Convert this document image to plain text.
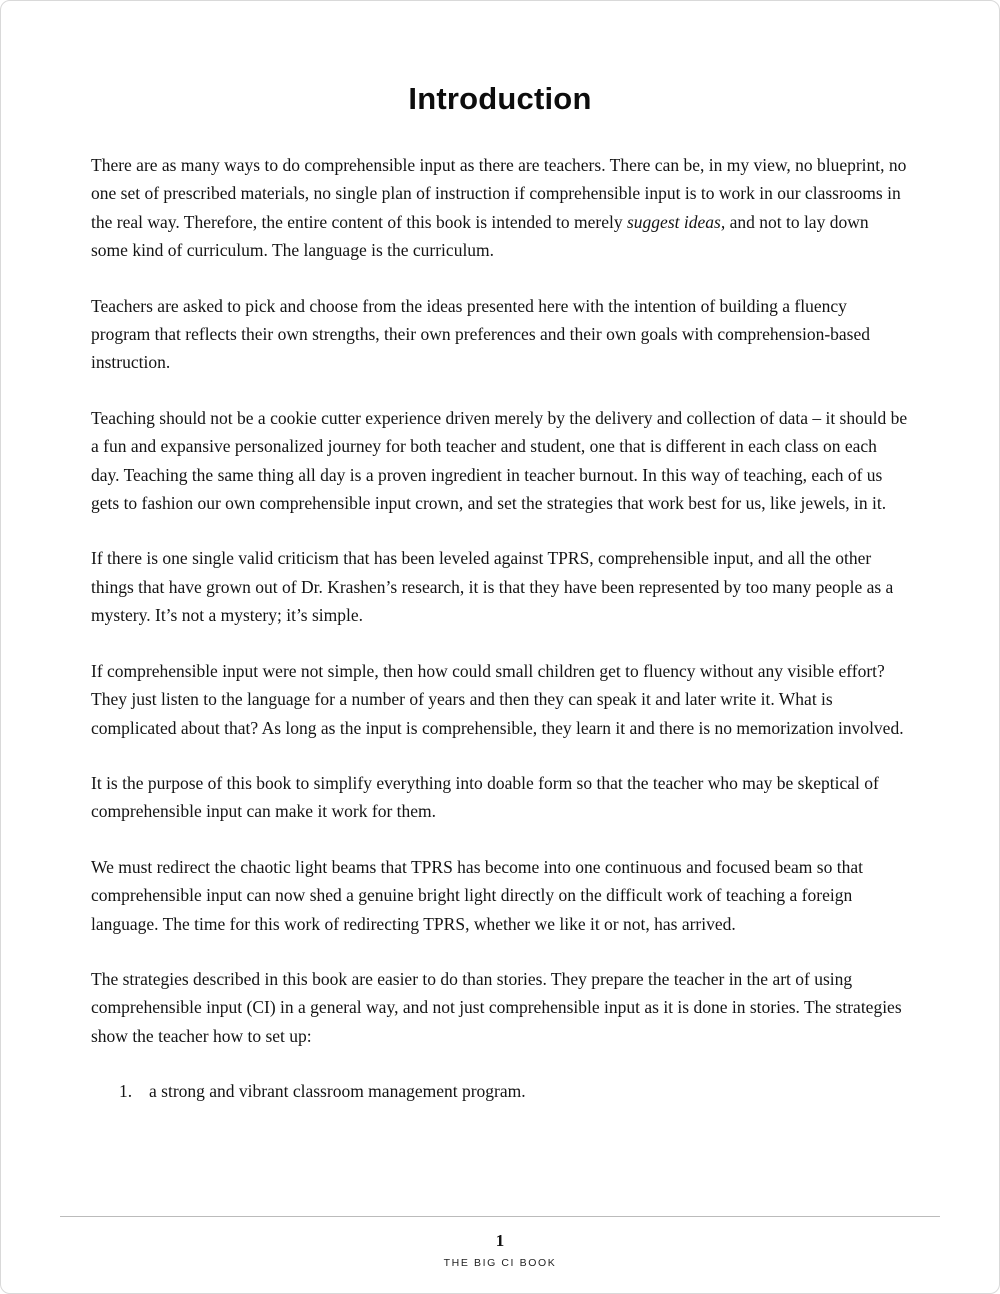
Introduction

There are as many ways to do comprehensible input as there are teachers. There can be, in my view, no blueprint, no one set of prescribed materials, no single plan of instruction if comprehensible input is to work in our classrooms in the real way. Therefore, the entire content of this book is intended to merely suggest ideas, and not to lay down some kind of curriculum. The language is the curriculum.

Teachers are asked to pick and choose from the ideas presented here with the intention of building a fluency program that reflects their own strengths, their own preferences and their own goals with comprehension-based instruction.

Teaching should not be a cookie cutter experience driven merely by the delivery and collection of data – it should be a fun and expansive personalized journey for both teacher and student, one that is different in each class on each day. Teaching the same thing all day is a proven ingredient in teacher burnout. In this way of teaching, each of us gets to fashion our own comprehensible input crown, and set the strategies that work best for us, like jewels, in it.

If there is one single valid criticism that has been leveled against TPRS, comprehensible input, and all the other things that have grown out of Dr. Krashen’s research, it is that they have been represented by too many people as a mystery. It’s not a mystery; it’s simple.

If comprehensible input were not simple, then how could small children get to fluency without any visible effort? They just listen to the language for a number of years and then they can speak it and later write it. What is complicated about that? As long as the input is comprehensible, they learn it and there is no memorization involved.

It is the purpose of this book to simplify everything into doable form so that the teacher who may be skeptical of comprehensible input can make it work for them.

We must redirect the chaotic light beams that TPRS has become into one continuous and focused beam so that comprehensible input can now shed a genuine bright light directly on the difficult work of teaching a foreign language. The time for this work of redirecting TPRS, whether we like it or not, has arrived.

The strategies described in this book are easier to do than stories. They prepare the teacher in the art of using comprehensible input (CI) in a general way, and not just comprehensible input as it is done in stories. The strategies show the teacher how to set up:

1. a strong and vibrant classroom management program.
1
THE BIG CI BOOK
